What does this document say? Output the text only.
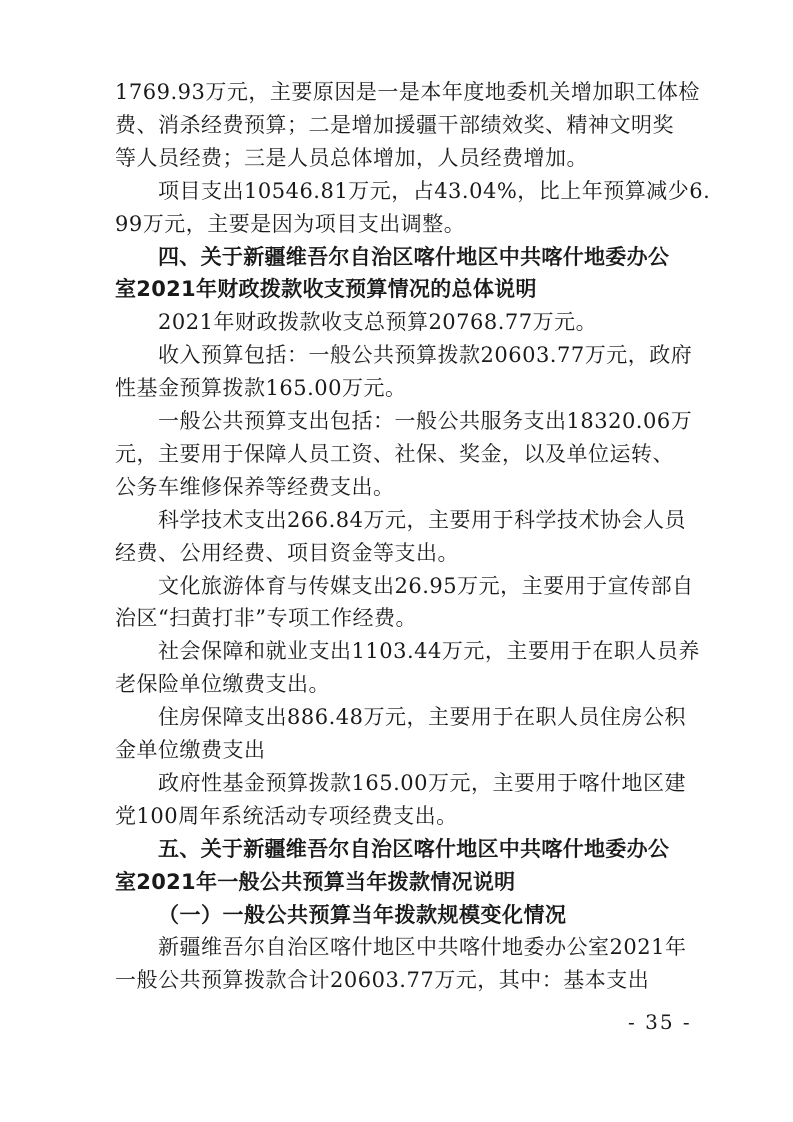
1769.93万元，主要原因是一是本年度地委机关增加职工体检
费、消杀经费预算；二是增加援疆干部绩效奖、精神文明奖
等人员经费；三是人员总体增加，人员经费增加。
项目支出10546.81万元，占43.04%，比上年预算减少6.
99万元，主要是因为项目支出调整。
四、关于新疆维吾尔自治区喀什地区中共喀什地委办公
室2021年财政拨款收支预算情况的总体说明
2021年财政拨款收支总预算20768.77万元。
收入预算包括：一般公共预算拨款20603.77万元，政府
性基金预算拨款165.00万元。
一般公共预算支出包括：一般公共服务支出18320.06万
元，主要用于保障人员工资、社保、奖金，以及单位运转、
公务车维修保养等经费支出。
科学技术支出266.84万元，主要用于科学技术协会人员
经费、公用经费、项目资金等支出。
文化旅游体育与传媒支出26.95万元，主要用于宣传部自
治区“扫黄打非”专项工作经费。
社会保障和就业支出1103.44万元，主要用于在职人员养
老保险单位缴费支出。
住房保障支出886.48万元，主要用于在职人员住房公积
金单位缴费支出
政府性基金预算拨款165.00万元，主要用于喀什地区建
党100周年系统活动专项经费支出。
五、关于新疆维吾尔自治区喀什地区中共喀什地委办公
室2021年一般公共预算当年拨款情况说明
（一）一般公共预算当年拨款规模变化情况
新疆维吾尔自治区喀什地区中共喀什地委办公室2021年
一般公共预算拨款合计20603.77万元，其中：基本支出
- 35 -
